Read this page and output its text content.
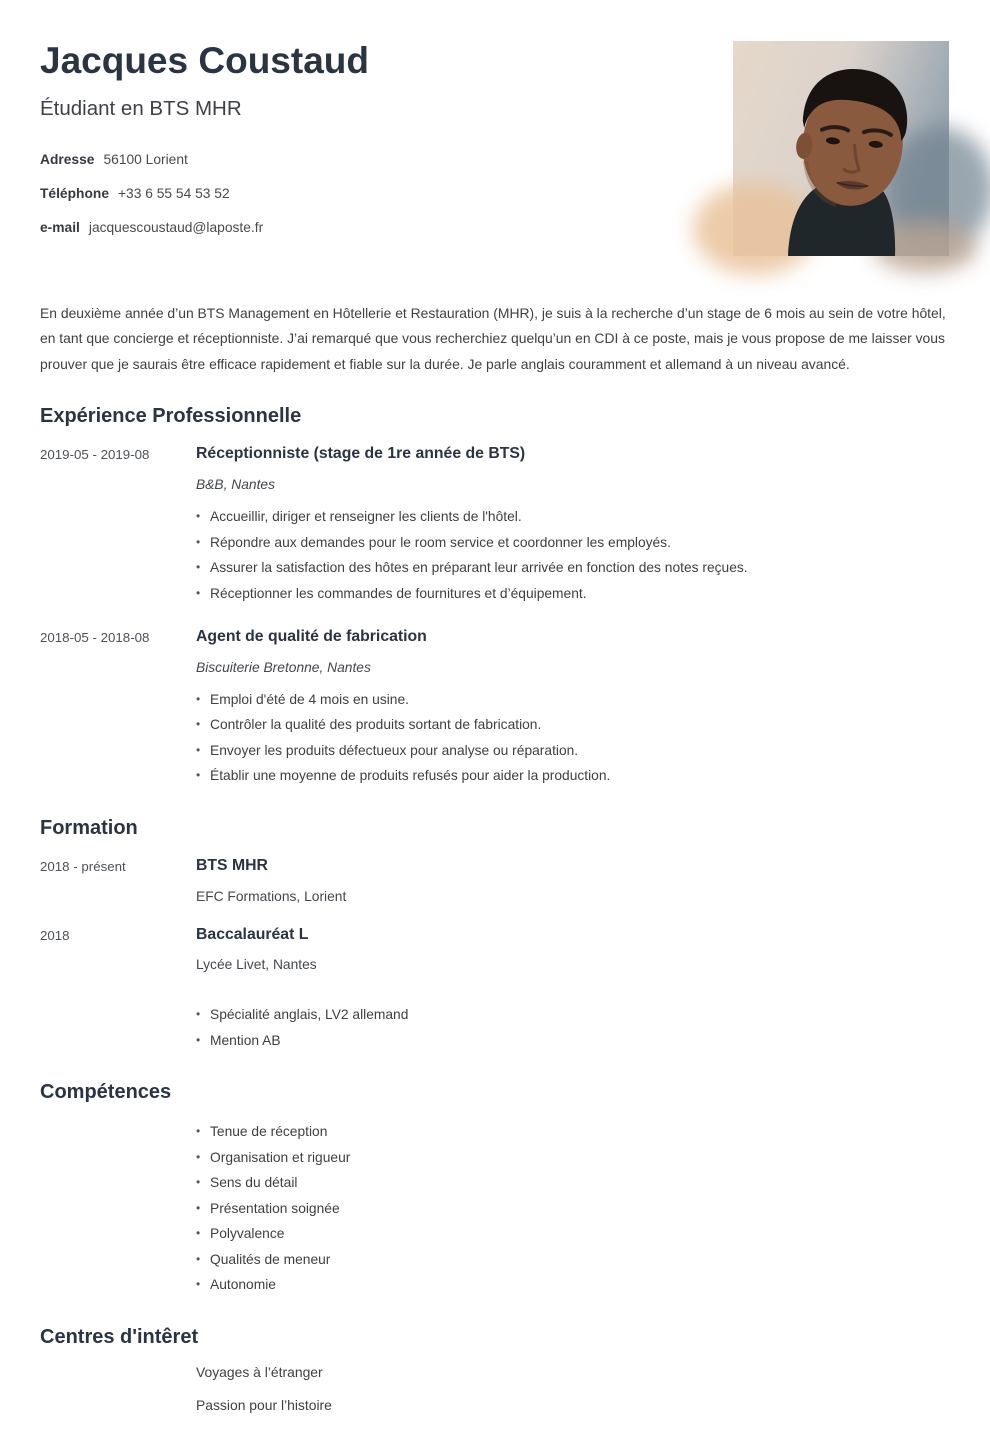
Jacques Coustaud
Étudiant en BTS MHR
Adresse 56100 Lorient
Téléphone +33 6 55 54 53 52
e-mail jacquescoustaud@laposte.fr

En deuxième année d’un BTS Management en Hôtellerie et Restauration (MHR), je suis à la recherche d’un stage de 6 mois au sein de votre hôtel, en tant que concierge et réceptionniste. J’ai remarqué que vous recherchiez quelqu’un en CDI à ce poste, mais je vous propose de me laisser vous prouver que je saurais être efficace rapidement et fiable sur la durée. Je parle anglais couramment et allemand à un niveau avancé.

Expérience Professionnelle
2019-05 - 2019-08	Réceptionniste (stage de 1re année de BTS)
B&B, Nantes
• Accueillir, diriger et renseigner les clients de l'hôtel.
• Répondre aux demandes pour le room service et coordonner les employés.
• Assurer la satisfaction des hôtes en préparant leur arrivée en fonction des notes reçues.
• Réceptionner les commandes de fournitures et d’équipement.
2018-05 - 2018-08	Agent de qualité de fabrication
Biscuiterie Bretonne, Nantes
• Emploi d'été de 4 mois en usine.
• Contrôler la qualité des produits sortant de fabrication.
• Envoyer les produits défectueux pour analyse ou réparation.
• Établir une moyenne de produits refusés pour aider la production.
Formation
2018 - présent	BTS MHR
EFC Formations, Lorient
2018	Baccalauréat L
Lycée Livet, Nantes
• Spécialité anglais, LV2 allemand
• Mention AB
Compétences
• Tenue de réception
• Organisation et rigueur
• Sens du détail
• Présentation soignée
• Polyvalence
• Qualités de meneur
• Autonomie
Centres d'intêret

Voyages à l’étranger

Passion pour l’histoire
